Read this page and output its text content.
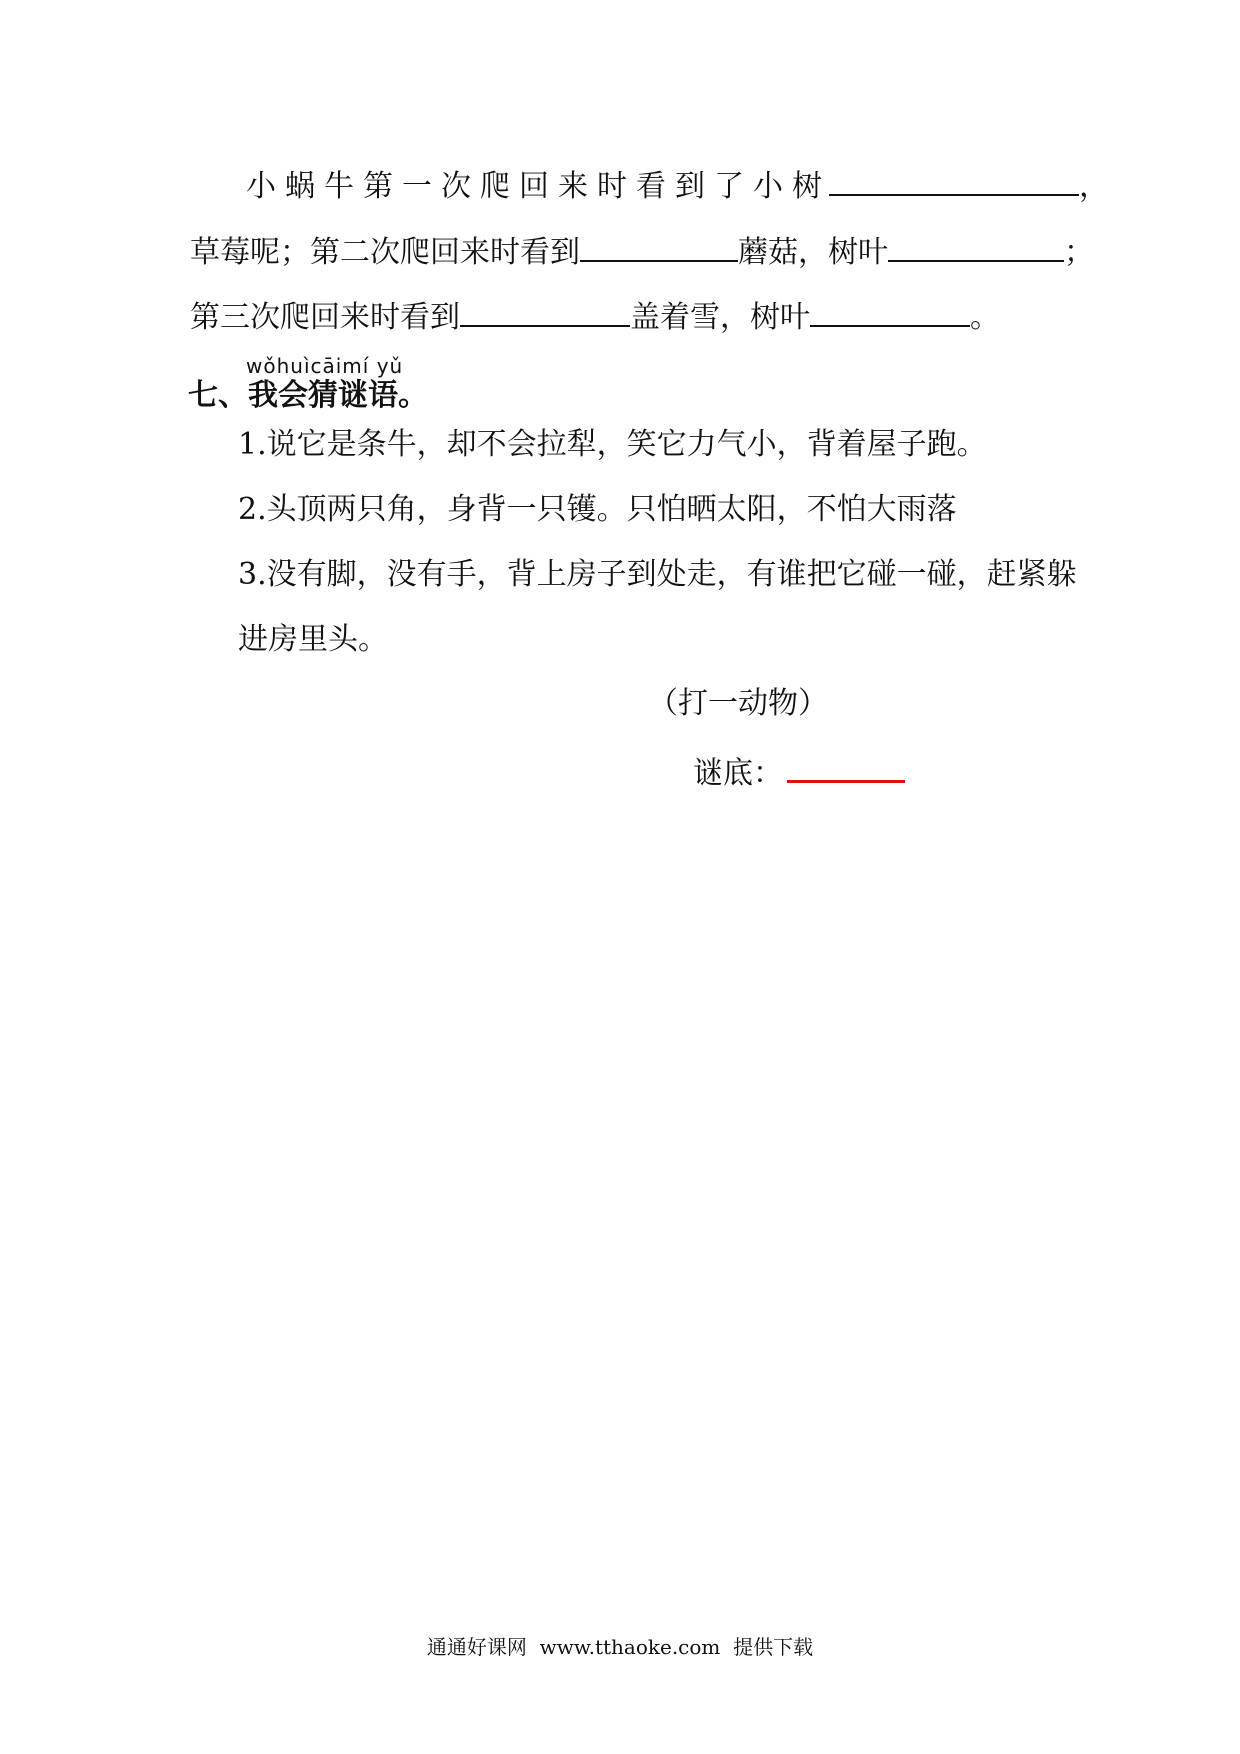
小蜗牛第一次爬回来时看到了小树	，
草莓呢；第二次爬回来时看到	蘑菇，树叶	；
第三次爬回来时看到	盖着雪，树叶	。
wǒhuìcāimí yǔ
七、我会猜谜语。
1.说它是条牛，却不会拉犁，笑它力气小，背着屋子跑。
2.头顶两只角，身背一只镬。只怕晒太阳，不怕大雨落
3.没有脚，没有手，背上房子到处走，有谁把它碰一碰，赶紧躲
进房里头。
（打一动物）
谜底：
通通好课网  www.tthaoke.com  提供下载
